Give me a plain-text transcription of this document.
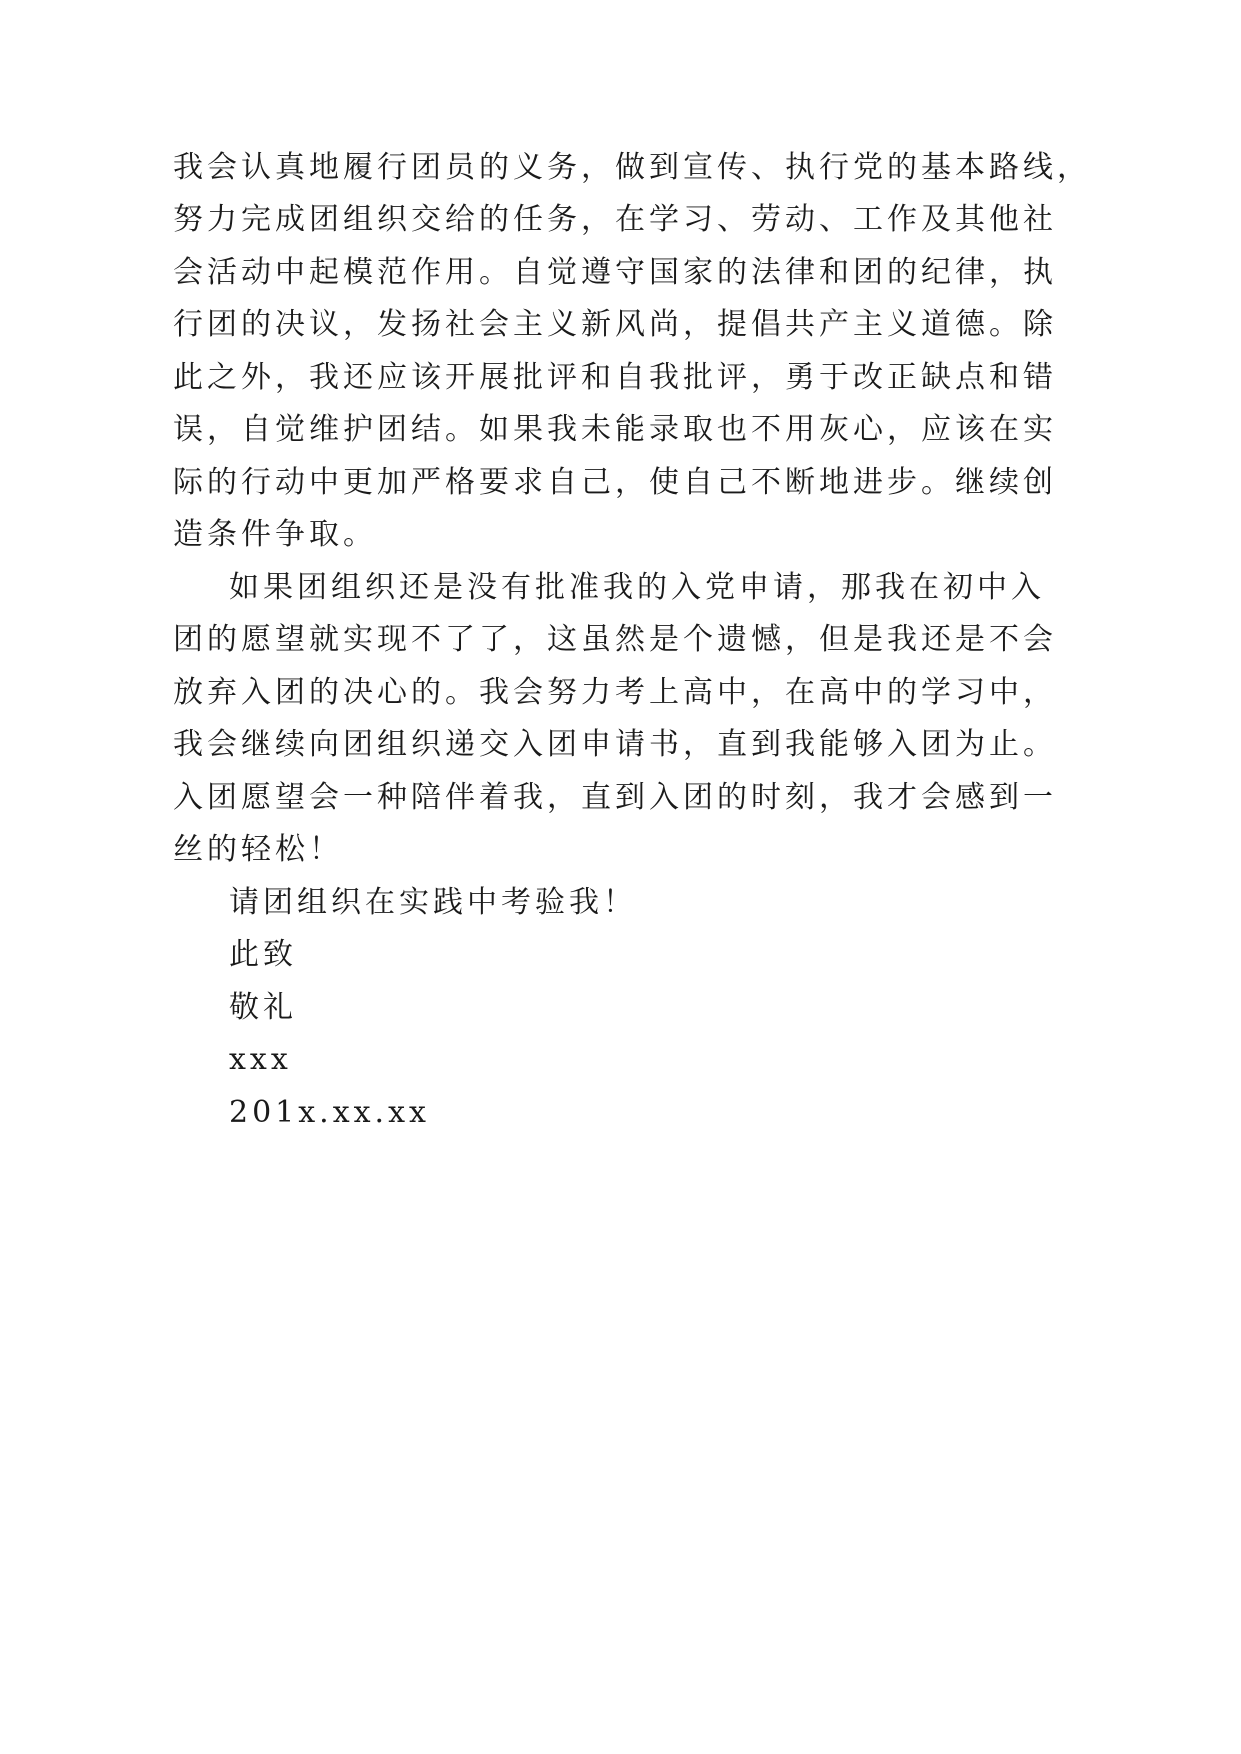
我会认真地履行团员的义务，做到宣传、执行党的基本路线，
努力完成团组织交给的任务，在学习、劳动、工作及其他社
会活动中起模范作用。自觉遵守国家的法律和团的纪律，执
行团的决议，发扬社会主义新风尚，提倡共产主义道德。除
此之外，我还应该开展批评和自我批评，勇于改正缺点和错
误，自觉维护团结。如果我未能录取也不用灰心，应该在实
际的行动中更加严格要求自己，使自己不断地进步。继续创
造条件争取。
如果团组织还是没有批准我的入党申请，那我在初中入
团的愿望就实现不了了，这虽然是个遗憾，但是我还是不会
放弃入团的决心的。我会努力考上高中，在高中的学习中，
我会继续向团组织递交入团申请书，直到我能够入团为止。
入团愿望会一种陪伴着我，直到入团的时刻，我才会感到一
丝的轻松！
请团组织在实践中考验我！
此致
敬礼
xxx
201x.xx.xx
